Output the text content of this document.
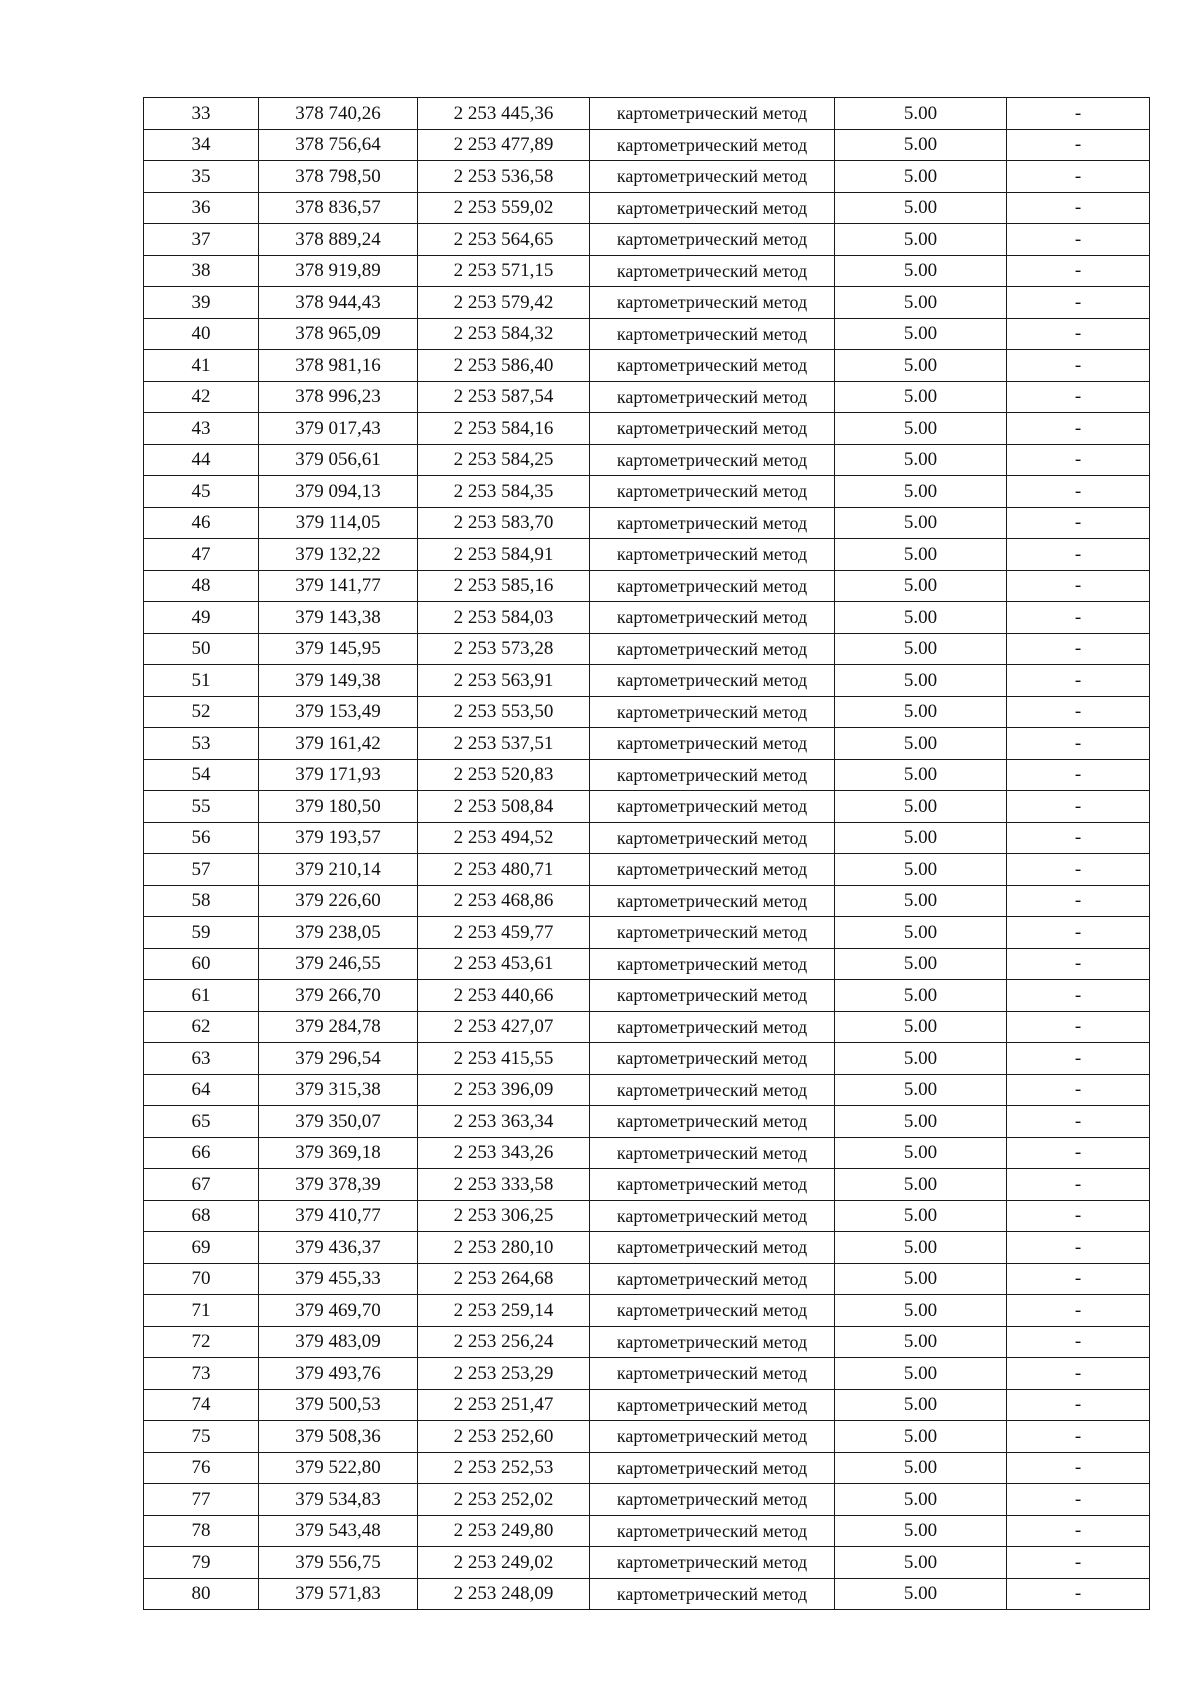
33	378 740,26	2 253 445,36	картометрический метод	5.00	-
34	378 756,64	2 253 477,89	картометрический метод	5.00	-
35	378 798,50	2 253 536,58	картометрический метод	5.00	-
36	378 836,57	2 253 559,02	картометрический метод	5.00	-
37	378 889,24	2 253 564,65	картометрический метод	5.00	-
38	378 919,89	2 253 571,15	картометрический метод	5.00	-
39	378 944,43	2 253 579,42	картометрический метод	5.00	-
40	378 965,09	2 253 584,32	картометрический метод	5.00	-
41	378 981,16	2 253 586,40	картометрический метод	5.00	-
42	378 996,23	2 253 587,54	картометрический метод	5.00	-
43	379 017,43	2 253 584,16	картометрический метод	5.00	-
44	379 056,61	2 253 584,25	картометрический метод	5.00	-
45	379 094,13	2 253 584,35	картометрический метод	5.00	-
46	379 114,05	2 253 583,70	картометрический метод	5.00	-
47	379 132,22	2 253 584,91	картометрический метод	5.00	-
48	379 141,77	2 253 585,16	картометрический метод	5.00	-
49	379 143,38	2 253 584,03	картометрический метод	5.00	-
50	379 145,95	2 253 573,28	картометрический метод	5.00	-
51	379 149,38	2 253 563,91	картометрический метод	5.00	-
52	379 153,49	2 253 553,50	картометрический метод	5.00	-
53	379 161,42	2 253 537,51	картометрический метод	5.00	-
54	379 171,93	2 253 520,83	картометрический метод	5.00	-
55	379 180,50	2 253 508,84	картометрический метод	5.00	-
56	379 193,57	2 253 494,52	картометрический метод	5.00	-
57	379 210,14	2 253 480,71	картометрический метод	5.00	-
58	379 226,60	2 253 468,86	картометрический метод	5.00	-
59	379 238,05	2 253 459,77	картометрический метод	5.00	-
60	379 246,55	2 253 453,61	картометрический метод	5.00	-
61	379 266,70	2 253 440,66	картометрический метод	5.00	-
62	379 284,78	2 253 427,07	картометрический метод	5.00	-
63	379 296,54	2 253 415,55	картометрический метод	5.00	-
64	379 315,38	2 253 396,09	картометрический метод	5.00	-
65	379 350,07	2 253 363,34	картометрический метод	5.00	-
66	379 369,18	2 253 343,26	картометрический метод	5.00	-
67	379 378,39	2 253 333,58	картометрический метод	5.00	-
68	379 410,77	2 253 306,25	картометрический метод	5.00	-
69	379 436,37	2 253 280,10	картометрический метод	5.00	-
70	379 455,33	2 253 264,68	картометрический метод	5.00	-
71	379 469,70	2 253 259,14	картометрический метод	5.00	-
72	379 483,09	2 253 256,24	картометрический метод	5.00	-
73	379 493,76	2 253 253,29	картометрический метод	5.00	-
74	379 500,53	2 253 251,47	картометрический метод	5.00	-
75	379 508,36	2 253 252,60	картометрический метод	5.00	-
76	379 522,80	2 253 252,53	картометрический метод	5.00	-
77	379 534,83	2 253 252,02	картометрический метод	5.00	-
78	379 543,48	2 253 249,80	картометрический метод	5.00	-
79	379 556,75	2 253 249,02	картометрический метод	5.00	-
80	379 571,83	2 253 248,09	картометрический метод	5.00	-
